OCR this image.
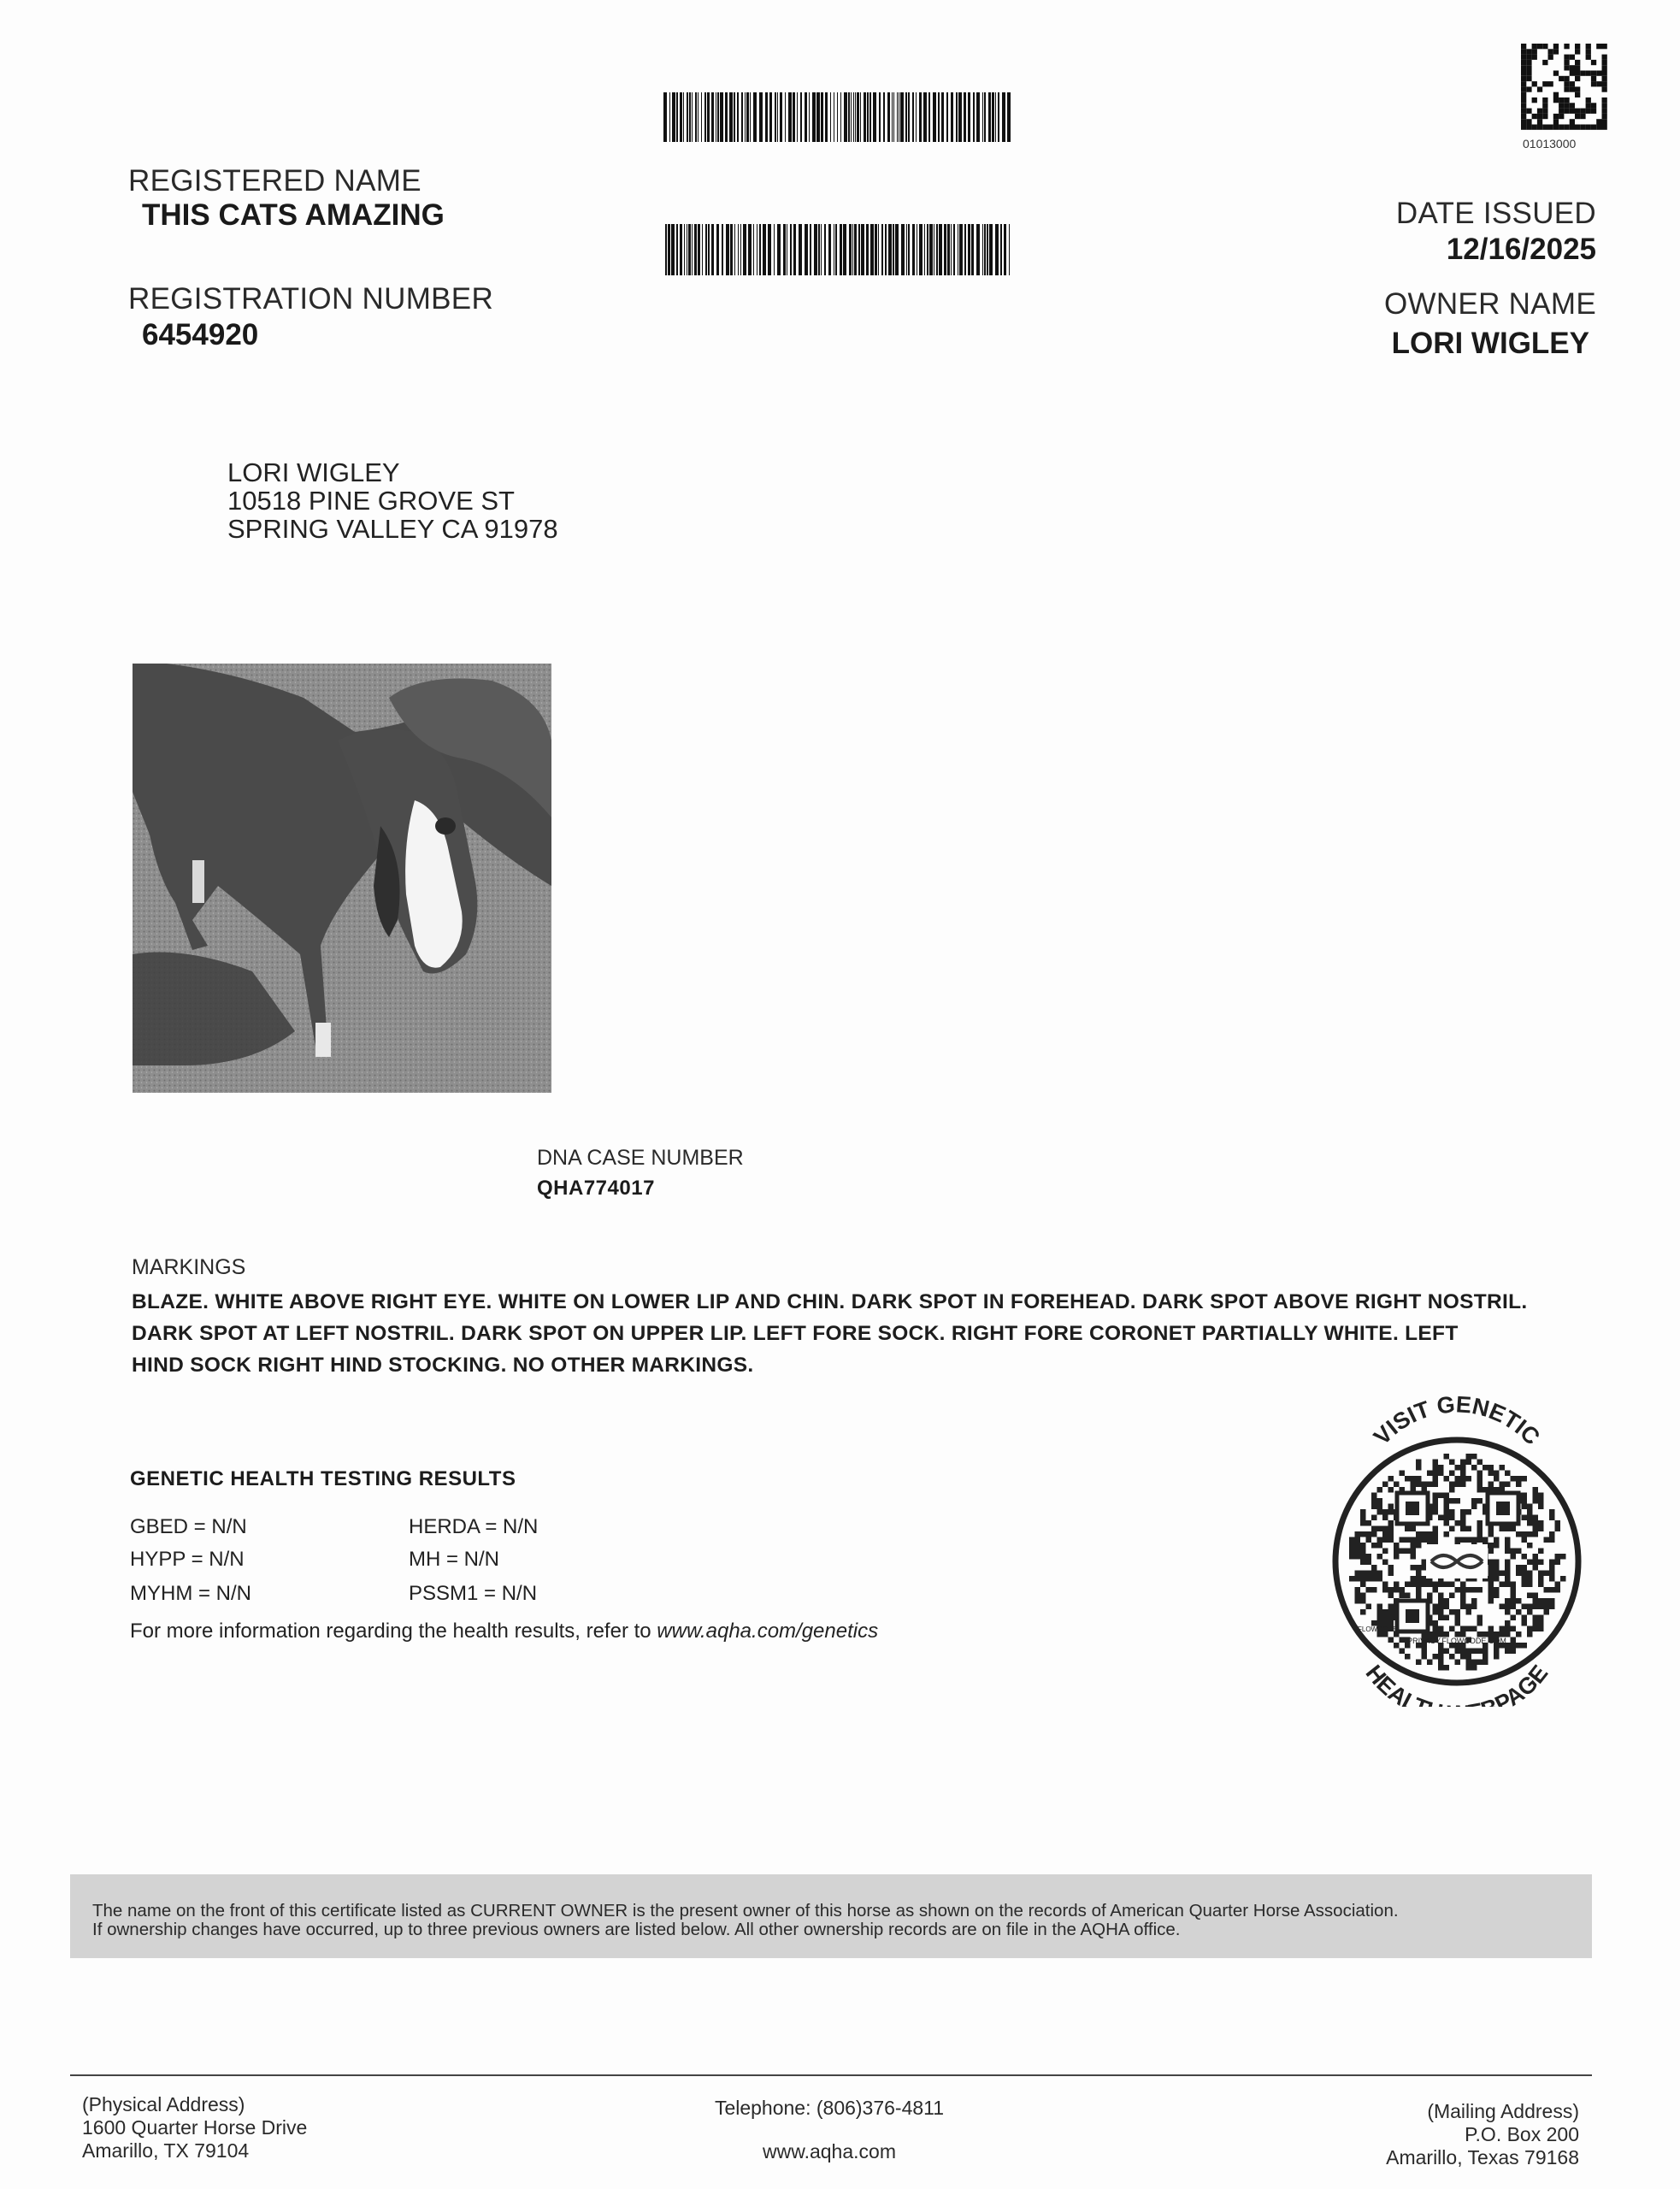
REGISTERED NAME
THIS CATS AMAZING
REGISTRATION NUMBER
6454920
01013000
DATE ISSUED
12/16/2025
OWNER NAME
LORI WIGLEY
LORI WIGLEY
10518 PINE GROVE ST
SPRING VALLEY CA 91978
DNA CASE NUMBER
QHA774017
MARKINGS
BLAZE. WHITE ABOVE RIGHT EYE. WHITE ON LOWER LIP AND CHIN. DARK SPOT IN FOREHEAD. DARK SPOT ABOVE RIGHT NOSTRIL.
DARK SPOT AT LEFT NOSTRIL. DARK SPOT ON UPPER LIP. LEFT FORE SOCK. RIGHT FORE CORONET PARTIALLY WHITE. LEFT
HIND SOCK RIGHT HIND STOCKING. NO OTHER MARKINGS.
GENETIC HEALTH TESTING RESULTS
GBED = N/N	HERDA = N/N
HYPP = N/N	MH = N/N
MYHM = N/N	PSSM1 = N/N
For more information regarding the health results, refer to www.aqha.com/genetics
VISIT GENETIC
FLOWCODE
PRIVACY.FLOWCODE.COM
HEAL PAGE
The name on the front of this certificate listed as CURRENT OWNER is the present owner of this horse as shown on the records of American Quarter Horse Association.
If ownership changes have occurred, up to three previous owners are listed below. All other ownership records are on file in the AQHA office.
(Physical Address)
1600 Quarter Horse Drive
Amarillo, TX 79104
Telephone: (806)376-4811
www.aqha.com
(Mailing Address)
P.O. Box 200
Amarillo, Texas 79168
